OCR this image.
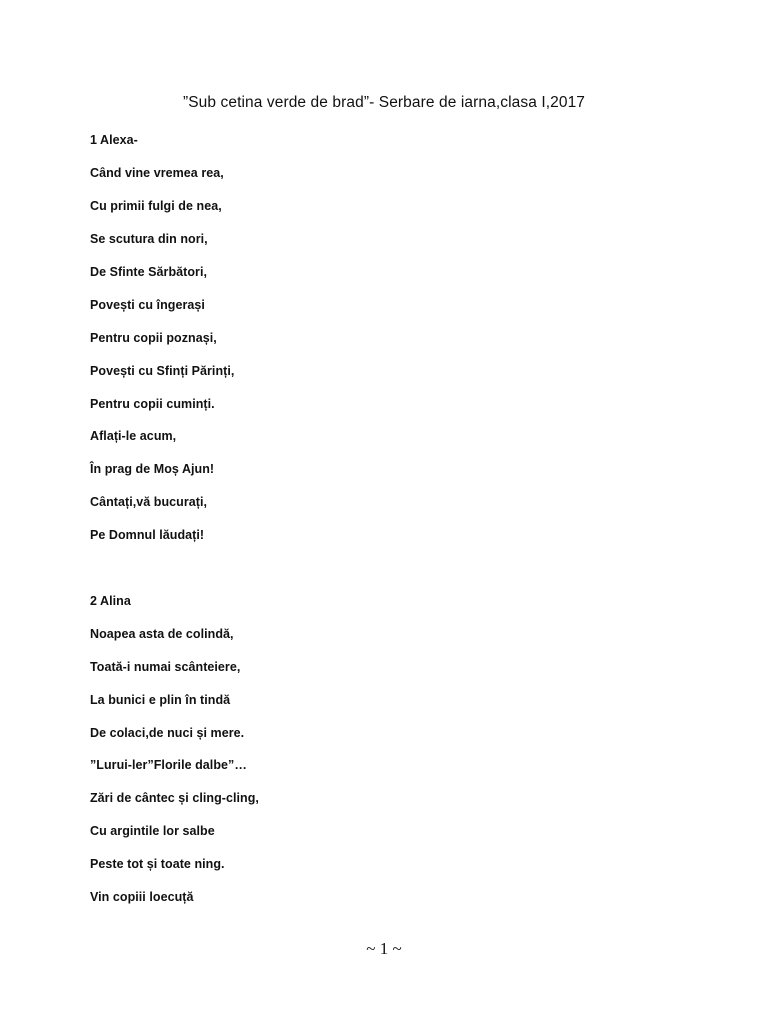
”Sub cetina verde de brad”- Serbare de iarna,clasa I,2017
1 Alexa-
Când vine vremea rea,
Cu primii fulgi de nea,
Se scutura din nori,
De Sfinte Sărbători,
Povești cu îngerași
Pentru copii poznași,
Povești cu Sfinți Părinți,
Pentru copii cuminți.
Aflați-le acum,
În prag de Moș Ajun!
Cântați,vă bucurați,
Pe Domnul lăudați!
2 Alina
Noapea asta de colindă,
Toată-i numai scânteiere,
La bunici e plin în tindă
De colaci,de nuci și mere.
”Lurui-ler”Florile dalbe”…
Zări de cântec și cling-cling,
Cu argintile lor salbe
Peste tot și toate ning.
Vin copiii loecuță
~ 1 ~
